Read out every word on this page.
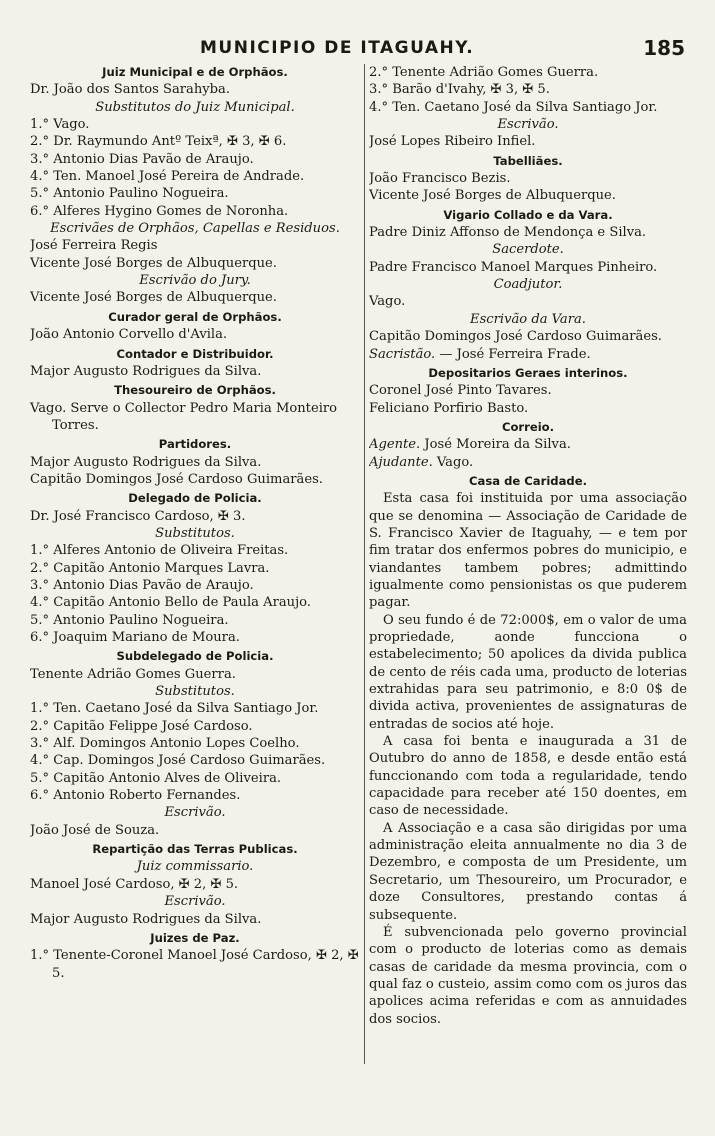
MUNICIPIO DE ITAGUAHY.	185
Juiz Municipal e de Orphãos.
Dr. João dos Santos Sarahyba.
Substitutos do Juiz Municipal.
1.° Vago.
2.° Dr. Raymundo Antº Teixª, ✠ 3, ✠ 6.
3.° Antonio Dias Pavão de Araujo.
4.° Ten. Manoel José Pereira de Andrade.
5.° Antonio Paulino Nogueira.
6.° Alferes Hygino Gomes de Noronha.
Escrivães de Orphãos, Capellas e Residuos.
José Ferreira Regis
Vicente José Borges de Albuquerque.
Escrivão do Jury.
Vicente José Borges de Albuquerque.
Curador geral de Orphãos.
João Antonio Corvello d'Avila.
Contador e Distribuidor.
Major Augusto Rodrigues da Silva.
Thesoureiro de Orphãos.
Vago. Serve o Collector Pedro Maria Monteiro Torres.
Partidores.
Major Augusto Rodrigues da Silva.
Capitão Domingos José Cardoso Guimarães.
Delegado de Policia.
Dr. José Francisco Cardoso, ✠ 3.
Substitutos.
1.° Alferes Antonio de Oliveira Freitas.
2.° Capitão Antonio Marques Lavra.
3.° Antonio Dias Pavão de Araujo.
4.° Capitão Antonio Bello de Paula Araujo.
5.° Antonio Paulino Nogueira.
6.° Joaquim Mariano de Moura.
Subdelegado de Policia.
Tenente Adrião Gomes Guerra.
Substitutos.
1.° Ten. Caetano José da Silva Santiago Jor.
2.° Capitão Felippe José Cardoso.
3.° Alf. Domingos Antonio Lopes Coelho.
4.° Cap. Domingos José Cardoso Guimarães.
5.° Capitão Antonio Alves de Oliveira.
6.° Antonio Roberto Fernandes.
Escrivão.
João José de Souza.
Repartição das Terras Publicas.
Juiz commissario.
Manoel José Cardoso, ✠ 2, ✠ 5.
Escrivão.
Major Augusto Rodrigues da Silva.
Juizes de Paz.
1.° Tenente-Coronel Manoel José Cardoso, ✠ 2, ✠ 5.
2.° Tenente Adrião Gomes Guerra.
3.° Barão d'Ivahy, ✠ 3, ✠ 5.
4.° Ten. Caetano José da Silva Santiago Jor.
Escrivão.
José Lopes Ribeiro Infiel.
Tabelliães.
João Francisco Bezis.
Vicente José Borges de Albuquerque.
Vigario Collado e da Vara.
Padre Diniz Affonso de Mendonça e Silva.
Sacerdote.
Padre Francisco Manoel Marques Pinheiro.
Coadjutor.
Vago.
Escrivão da Vara.
Capitão Domingos José Cardoso Guimarães.
Sacristão. — José Ferreira Frade.
Depositarios Geraes interinos.
Coronel José Pinto Tavares.
Feliciano Porfirio Basto.
Correio.
Agente. José Moreira da Silva.
Ajudante. Vago.
Casa de Caridade.
Esta casa foi instituida por uma associação que se denomina — Associação de Caridade de S. Francisco Xavier de Itaguahy, — e tem por fim tratar dos enfermos pobres do municipio, e viandantes tambem pobres; admittindo igualmente como pensionistas os que puderem pagar.
O seu fundo é de 72:000$, em o valor de uma propriedade, aonde funcciona o estabelecimento; 50 apolices da divida publica de cento de réis cada uma, producto de loterias extrahidas para seu patrimonio, e 8:0 0$ de divida activa, provenientes de assignaturas de entradas de socios até hoje.
A casa foi benta e inaugurada a 31 de Outubro do anno de 1858, e desde então está funccionando com toda a regularidade, tendo capacidade para receber até 150 doentes, em caso de necessidade.
A Associação e a casa são dirigidas por uma administração eleita annualmente no dia 3 de Dezembro, e composta de um Presidente, um Secretario, um Thesoureiro, um Procurador, e doze Consultores, prestando contas á subsequente.
É subvencionada pelo governo provincial com o producto de loterias como as demais casas de caridade da mesma provincia, com o qual faz o custeio, assim como com os juros das apolices acima referidas e com as annuidades dos socios.
